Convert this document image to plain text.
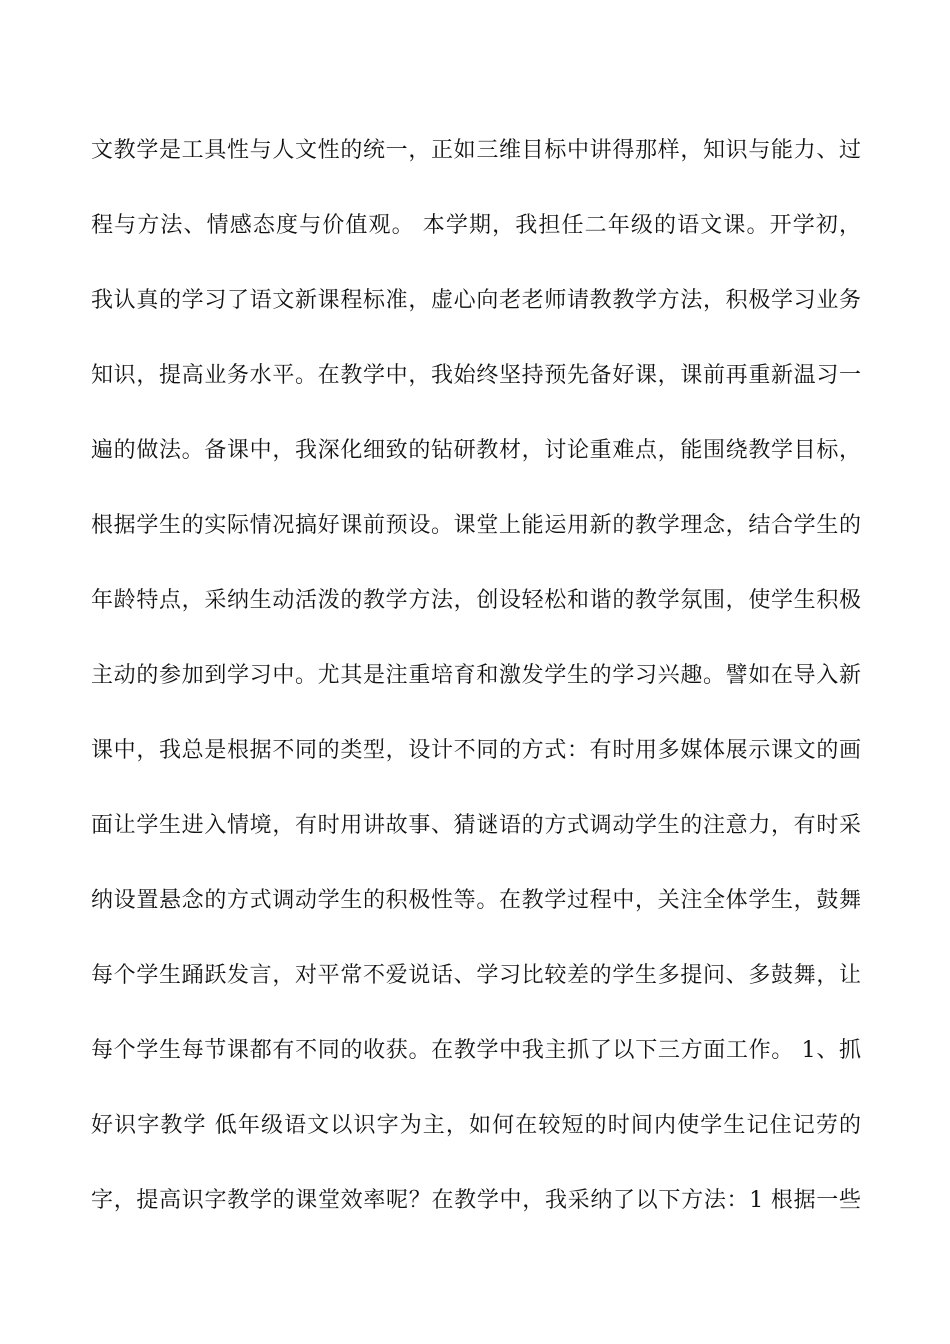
文教学是工具性与人文性的统一，正如三维目标中讲得那样，知识与能力、过
程与方法、情感态度与价值观。 本学期，我担任二年级的语文课。开学初，
我认真的学习了语文新课程标准，虚心向老老师请教教学方法，积极学习业务
知识，提高业务水平。在教学中，我始终坚持预先备好课，课前再重新温习一
遍的做法。备课中，我深化细致的钻研教材，讨论重难点，能围绕教学目标，
根据学生的实际情况搞好课前预设。课堂上能运用新的教学理念，结合学生的
年龄特点，采纳生动活泼的教学方法，创设轻松和谐的教学氛围，使学生积极
主动的参加到学习中。尤其是注重培育和激发学生的学习兴趣。譬如在导入新
课中，我总是根据不同的类型，设计不同的方式：有时用多媒体展示课文的画
面让学生进入情境，有时用讲故事、猜谜语的方式调动学生的注意力，有时采
纳设置悬念的方式调动学生的积极性等。在教学过程中，关注全体学生，鼓舞
每个学生踊跃发言，对平常不爱说话、学习比较差的学生多提问、多鼓舞，让
每个学生每节课都有不同的收获。在教学中我主抓了以下三方面工作。 1、抓
好识字教学 低年级语文以识字为主，如何在较短的时间内使学生记住记劳的
字，提高识字教学的课堂效率呢？在教学中，我采纳了以下方法：1 根据一些
